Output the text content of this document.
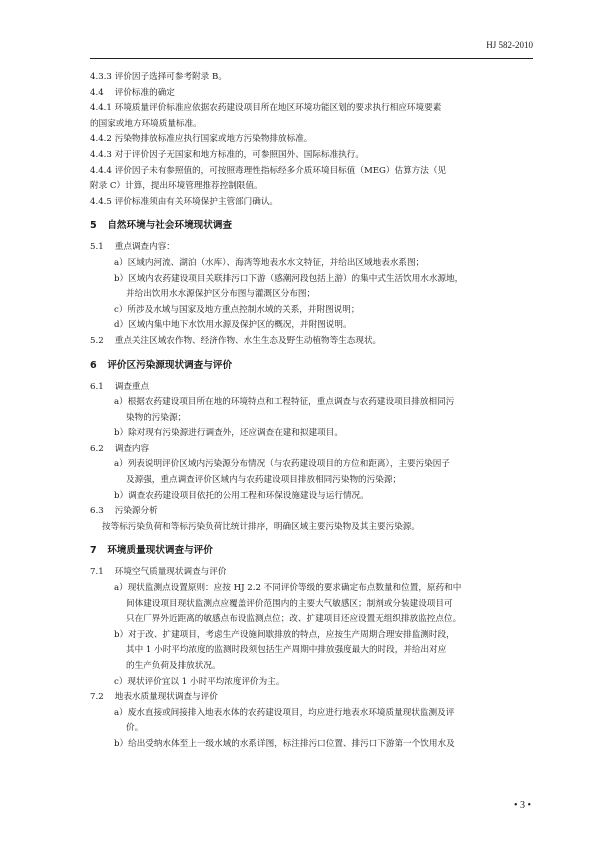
HJ 582-2010
4.3.3 评价因子选择可参考附录 B。
4.4 评价标准的确定
4.4.1 环境质量评价标准应依据农药建设项目所在地区环境功能区划的要求执行相应环境要素
的国家或地方环境质量标准。
4.4.2 污染物排放标准应执行国家或地方污染物排放标准。
4.4.3 对于评价因子无国家和地方标准的，可参照国外、国际标准执行。
4.4.4 评价因子未有参照值的，可按照毒理性指标经多介质环境目标值（MEG）估算方法（见
附录 C）计算，提出环境管理推荐控制限值。
4.4.5 评价标准须由有关环境保护主管部门确认。
5 自然环境与社会环境现状调查
5.1 重点调查内容：
a）区域内河流、湖泊（水库）、海湾等地表水水文特征，并给出区域地表水系图；
b）区域内农药建设项目关联排污口下游（感潮河段包括上游）的集中式生活饮用水水源地，
并给出饮用水水源保护区分布图与灌溉区分布图；
c）所涉及水域与国家及地方重点控制水域的关系，并附图说明；
d）区域内集中地下水饮用水源及保护区的概况，并附图说明。
5.2 重点关注区域农作物、经济作物、水生生态及野生动植物等生态现状。
6 评价区污染源现状调查与评价
6.1 调查重点
a）根据农药建设项目所在地的环境特点和工程特征，重点调查与农药建设项目排放相同污
染物的污染源；
b）除对现有污染源进行调查外，还应调查在建和拟建项目。
6.2 调查内容
a）列表说明评价区域内污染源分布情况（与农药建设项目的方位和距离），主要污染因子
及源强，重点调查评价区域内与农药建设项目排放相同污染物的污染源；
b）调查农药建设项目依托的公用工程和环保设施建设与运行情况。
6.3 污染源分析
按等标污染负荷和等标污染负荷比统计排序，明确区域主要污染物及其主要污染源。
7 环境质量现状调查与评价
7.1 环境空气质量现状调查与评价
a）现状监测点设置原则：应按 HJ 2.2 不同评价等级的要求确定布点数量和位置，原药和中
间体建设项目现状监测点应覆盖评价范围内的主要大气敏感区；制剂或分装建设项目可
只在厂界外近距离的敏感点布设监测点位；改、扩建项目还应设置无组织排放监控点位。
b）对于改、扩建项目，考虑生产设施间歇排放的特点，应按生产周期合理安排监测时段，
其中 1 小时平均浓度的监测时段须包括生产周期中排放强度最大的时段，并给出对应
的生产负荷及排放状况。
c）现状评价宜以 1 小时平均浓度评价为主。
7.2 地表水质量现状调查与评价
a）废水直接或间接排入地表水体的农药建设项目，均应进行地表水环境质量现状监测及评
价。
b）给出受纳水体至上一级水域的水系详图，标注排污口位置、排污口下游第一个饮用水及
• 3 •
